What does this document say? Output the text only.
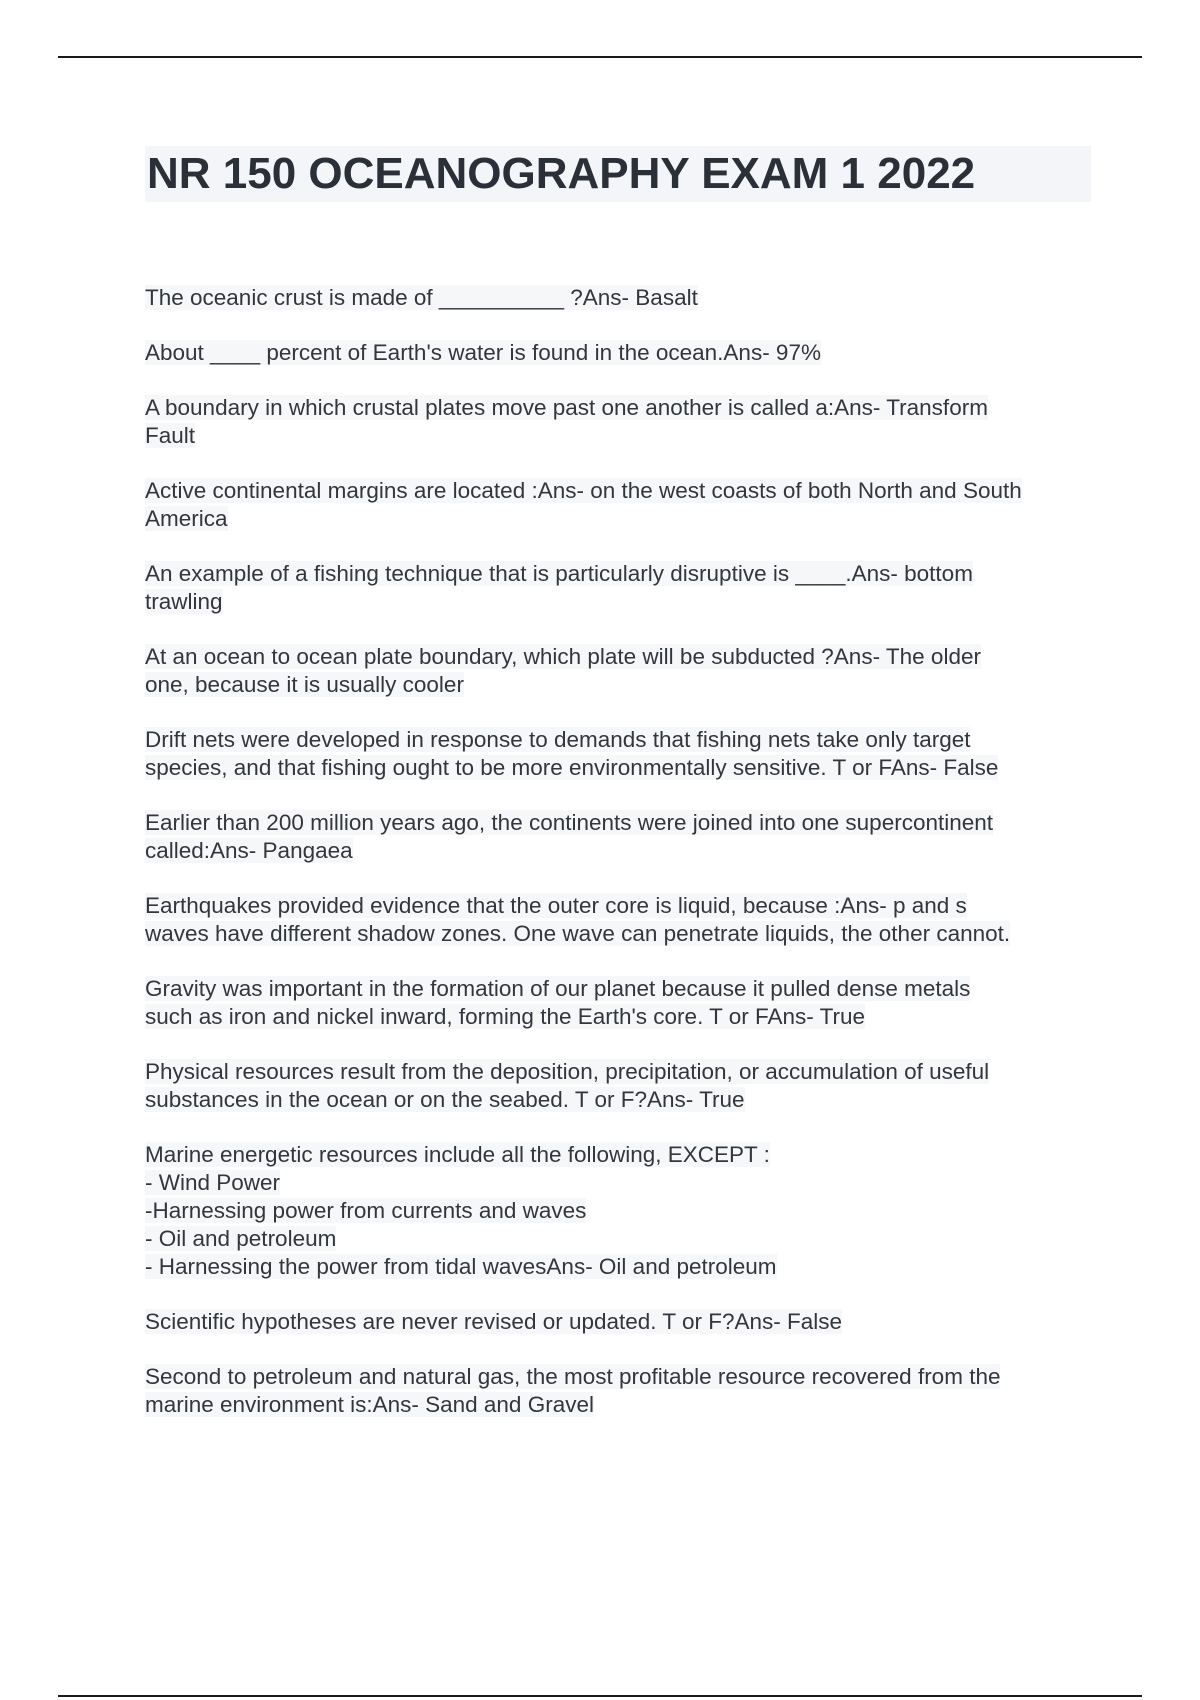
NR 150 OCEANOGRAPHY EXAM 1 2022
The oceanic crust is made of __________ ?Ans- Basalt
About ____ percent of Earth's water is found in the ocean.Ans- 97%
A boundary in which crustal plates move past one another is called a:Ans- Transform
Fault
Active continental margins are located :Ans- on the west coasts of both North and South
America
An example of a fishing technique that is particularly disruptive is ____.Ans- bottom
trawling
At an ocean to ocean plate boundary, which plate will be subducted ?Ans- The older
one, because it is usually cooler
Drift nets were developed in response to demands that fishing nets take only target
species, and that fishing ought to be more environmentally sensitive. T or FAns- False
Earlier than 200 million years ago, the continents were joined into one supercontinent
called:Ans- Pangaea
Earthquakes provided evidence that the outer core is liquid, because :Ans- p and s
waves have different shadow zones. One wave can penetrate liquids, the other cannot.
Gravity was important in the formation of our planet because it pulled dense metals
such as iron and nickel inward, forming the Earth's core. T or FAns- True
Physical resources result from the deposition, precipitation, or accumulation of useful
substances in the ocean or on the seabed. T or F?Ans- True
Marine energetic resources include all the following, EXCEPT :
- Wind Power
-Harnessing power from currents and waves
- Oil and petroleum
- Harnessing the power from tidal wavesAns- Oil and petroleum
Scientific hypotheses are never revised or updated. T or F?Ans- False
Second to petroleum and natural gas, the most profitable resource recovered from the
marine environment is:Ans- Sand and Gravel
